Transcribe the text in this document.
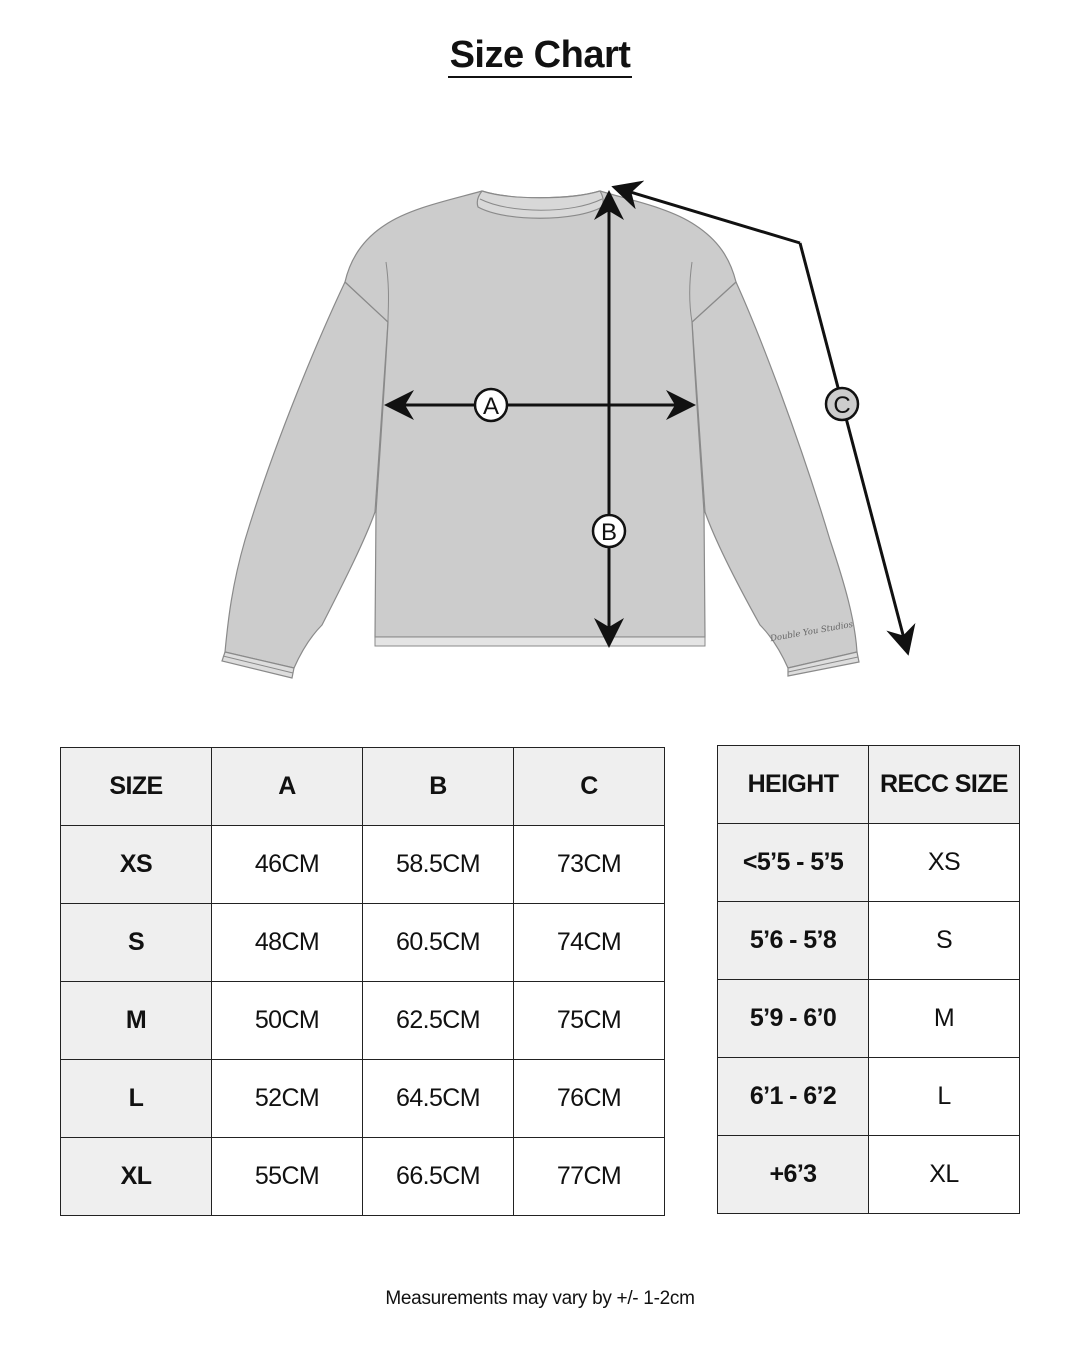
Size Chart
Double You Studios
A
B
C
SIZE	A	B	C
XS	46CM	58.5CM	73CM
S	48CM	60.5CM	74CM
M	50CM	62.5CM	75CM
L	52CM	64.5CM	76CM
XL	55CM	66.5CM	77CM
HEIGHT	RECC SIZE
<5’5 - 5’5	XS
5’6 - 5’8	S
5’9 - 6’0	M
6’1 - 6’2	L
+6’3	XL
Measurements may vary by +/- 1-2cm
